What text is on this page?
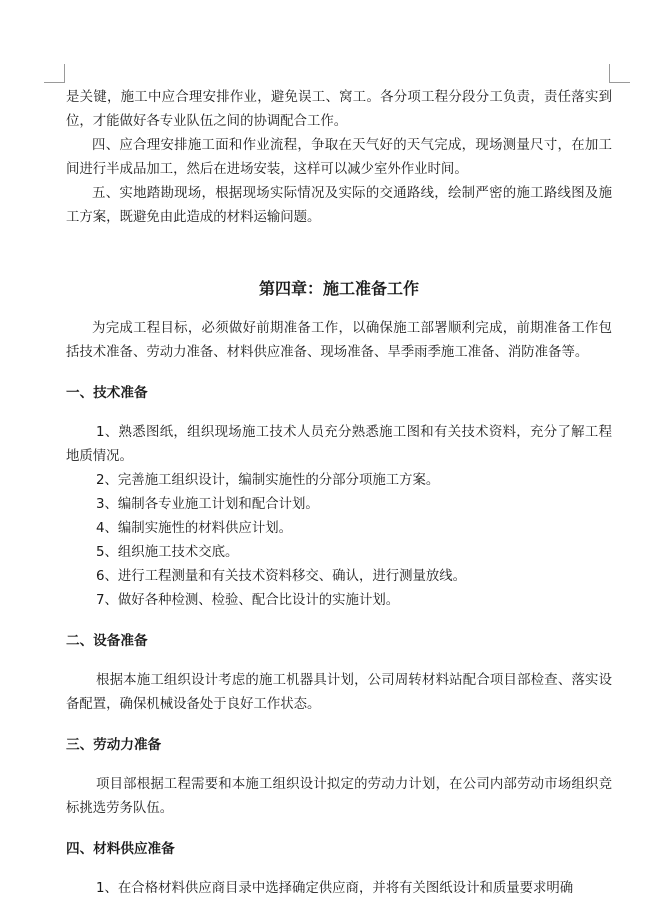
是关键，施工中应合理安排作业，避免误工、窝工。各分项工程分段分工负责，责任落实到位，才能做好各专业队伍之间的协调配合工作。

四、应合理安排施工面和作业流程，争取在天气好的天气完成，现场测量尺寸，在加工间进行半成品加工，然后在进场安装，这样可以减少室外作业时间。

五、实地踏勘现场，根据现场实际情况及实际的交通路线，绘制严密的施工路线图及施工方案，既避免由此造成的材料运输问题。

第四章：施工准备工作

为完成工程目标，必须做好前期准备工作，以确保施工部署顺利完成，前期准备工作包括技术准备、劳动力准备、材料供应准备、现场准备、旱季雨季施工准备、消防准备等。

一、技术准备

1、熟悉图纸，组织现场施工技术人员充分熟悉施工图和有关技术资料，充分了解工程地质情况。

2、完善施工组织设计，编制实施性的分部分项施工方案。

3、编制各专业施工计划和配合计划。

4、编制实施性的材料供应计划。

5、组织施工技术交底。

6、进行工程测量和有关技术资料移交、确认，进行测量放线。

7、做好各种检测、检验、配合比设计的实施计划。

二、设备准备

根据本施工组织设计考虑的施工机器具计划，公司周转材料站配合项目部检查、落实设备配置，确保机械设备处于良好工作状态。

三、劳动力准备

项目部根据工程需要和本施工组织设计拟定的劳动力计划，在公司内部劳动市场组织竞标挑选劳务队伍。

四、材料供应准备

1、在合格材料供应商目录中选择确定供应商，并将有关图纸设计和质量要求明确
